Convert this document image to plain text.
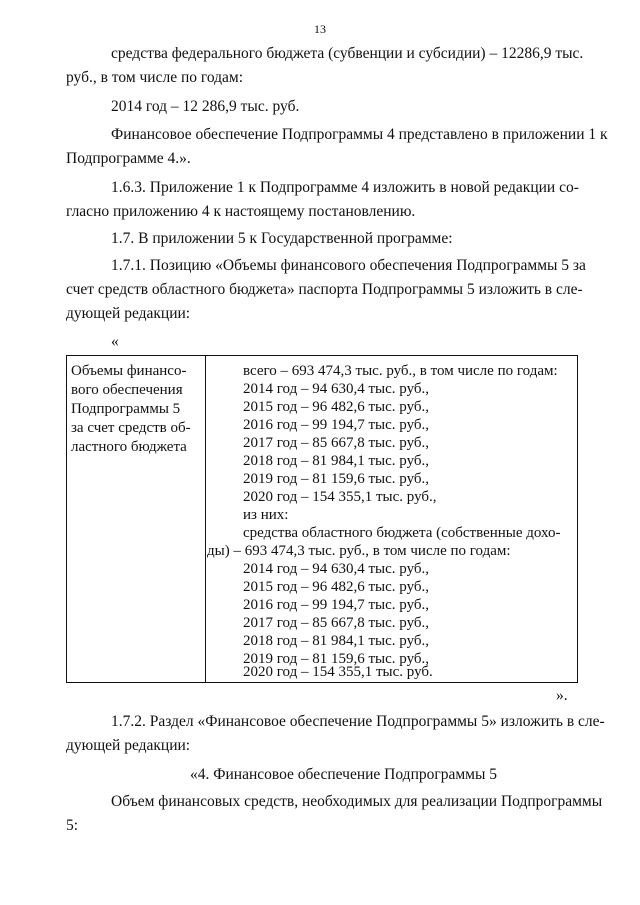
13
средства федерального бюджета (субвенции и субсидии) – 12286,9 тыс.
руб., в том числе по годам:
2014 год – 12 286,9 тыс. руб.
Финансовое обеспечение Подпрограммы 4 представлено в приложении 1 к
Подпрограмме 4.».
1.6.3. Приложение 1 к Подпрограмме 4 изложить в новой редакции со-
гласно приложению 4 к настоящему постановлению.
1.7. В приложении 5 к Государственной программе:
1.7.1. Позицию «Объемы финансового обеспечения Подпрограммы 5 за
счет средств областного бюджета» паспорта Подпрограммы 5 изложить в сле-
дующей редакции:
«
Объемы финансо-
вого обеспечения
Подпрограммы 5
за счет средств об-
ластного бюджета
всего – 693 474,3 тыс. руб., в том числе по годам:
2014 год – 94 630,4 тыс. руб.,
2015 год – 96 482,6 тыс. руб.,
2016 год – 99 194,7 тыс. руб.,
2017 год – 85 667,8 тыс. руб.,
2018 год – 81 984,1 тыс. руб.,
2019 год – 81 159,6 тыс. руб.,
2020 год – 154 355,1 тыс. руб.,
из них:
средства областного бюджета (собственные дохо-
ды) – 693 474,3 тыс. руб., в том числе по годам:
2014 год – 94 630,4 тыс. руб.,
2015 год – 96 482,6 тыс. руб.,
2016 год – 99 194,7 тыс. руб.,
2017 год – 85 667,8 тыс. руб.,
2018 год – 81 984,1 тыс. руб.,
2019 год – 81 159,6 тыс. руб.,
2020 год – 154 355,1 тыс. руб.
».
1.7.2. Раздел «Финансовое обеспечение Подпрограммы 5» изложить в сле-
дующей редакции:
«4. Финансовое обеспечение Подпрограммы 5
Объем финансовых средств, необходимых для реализации Подпрограммы
5:
